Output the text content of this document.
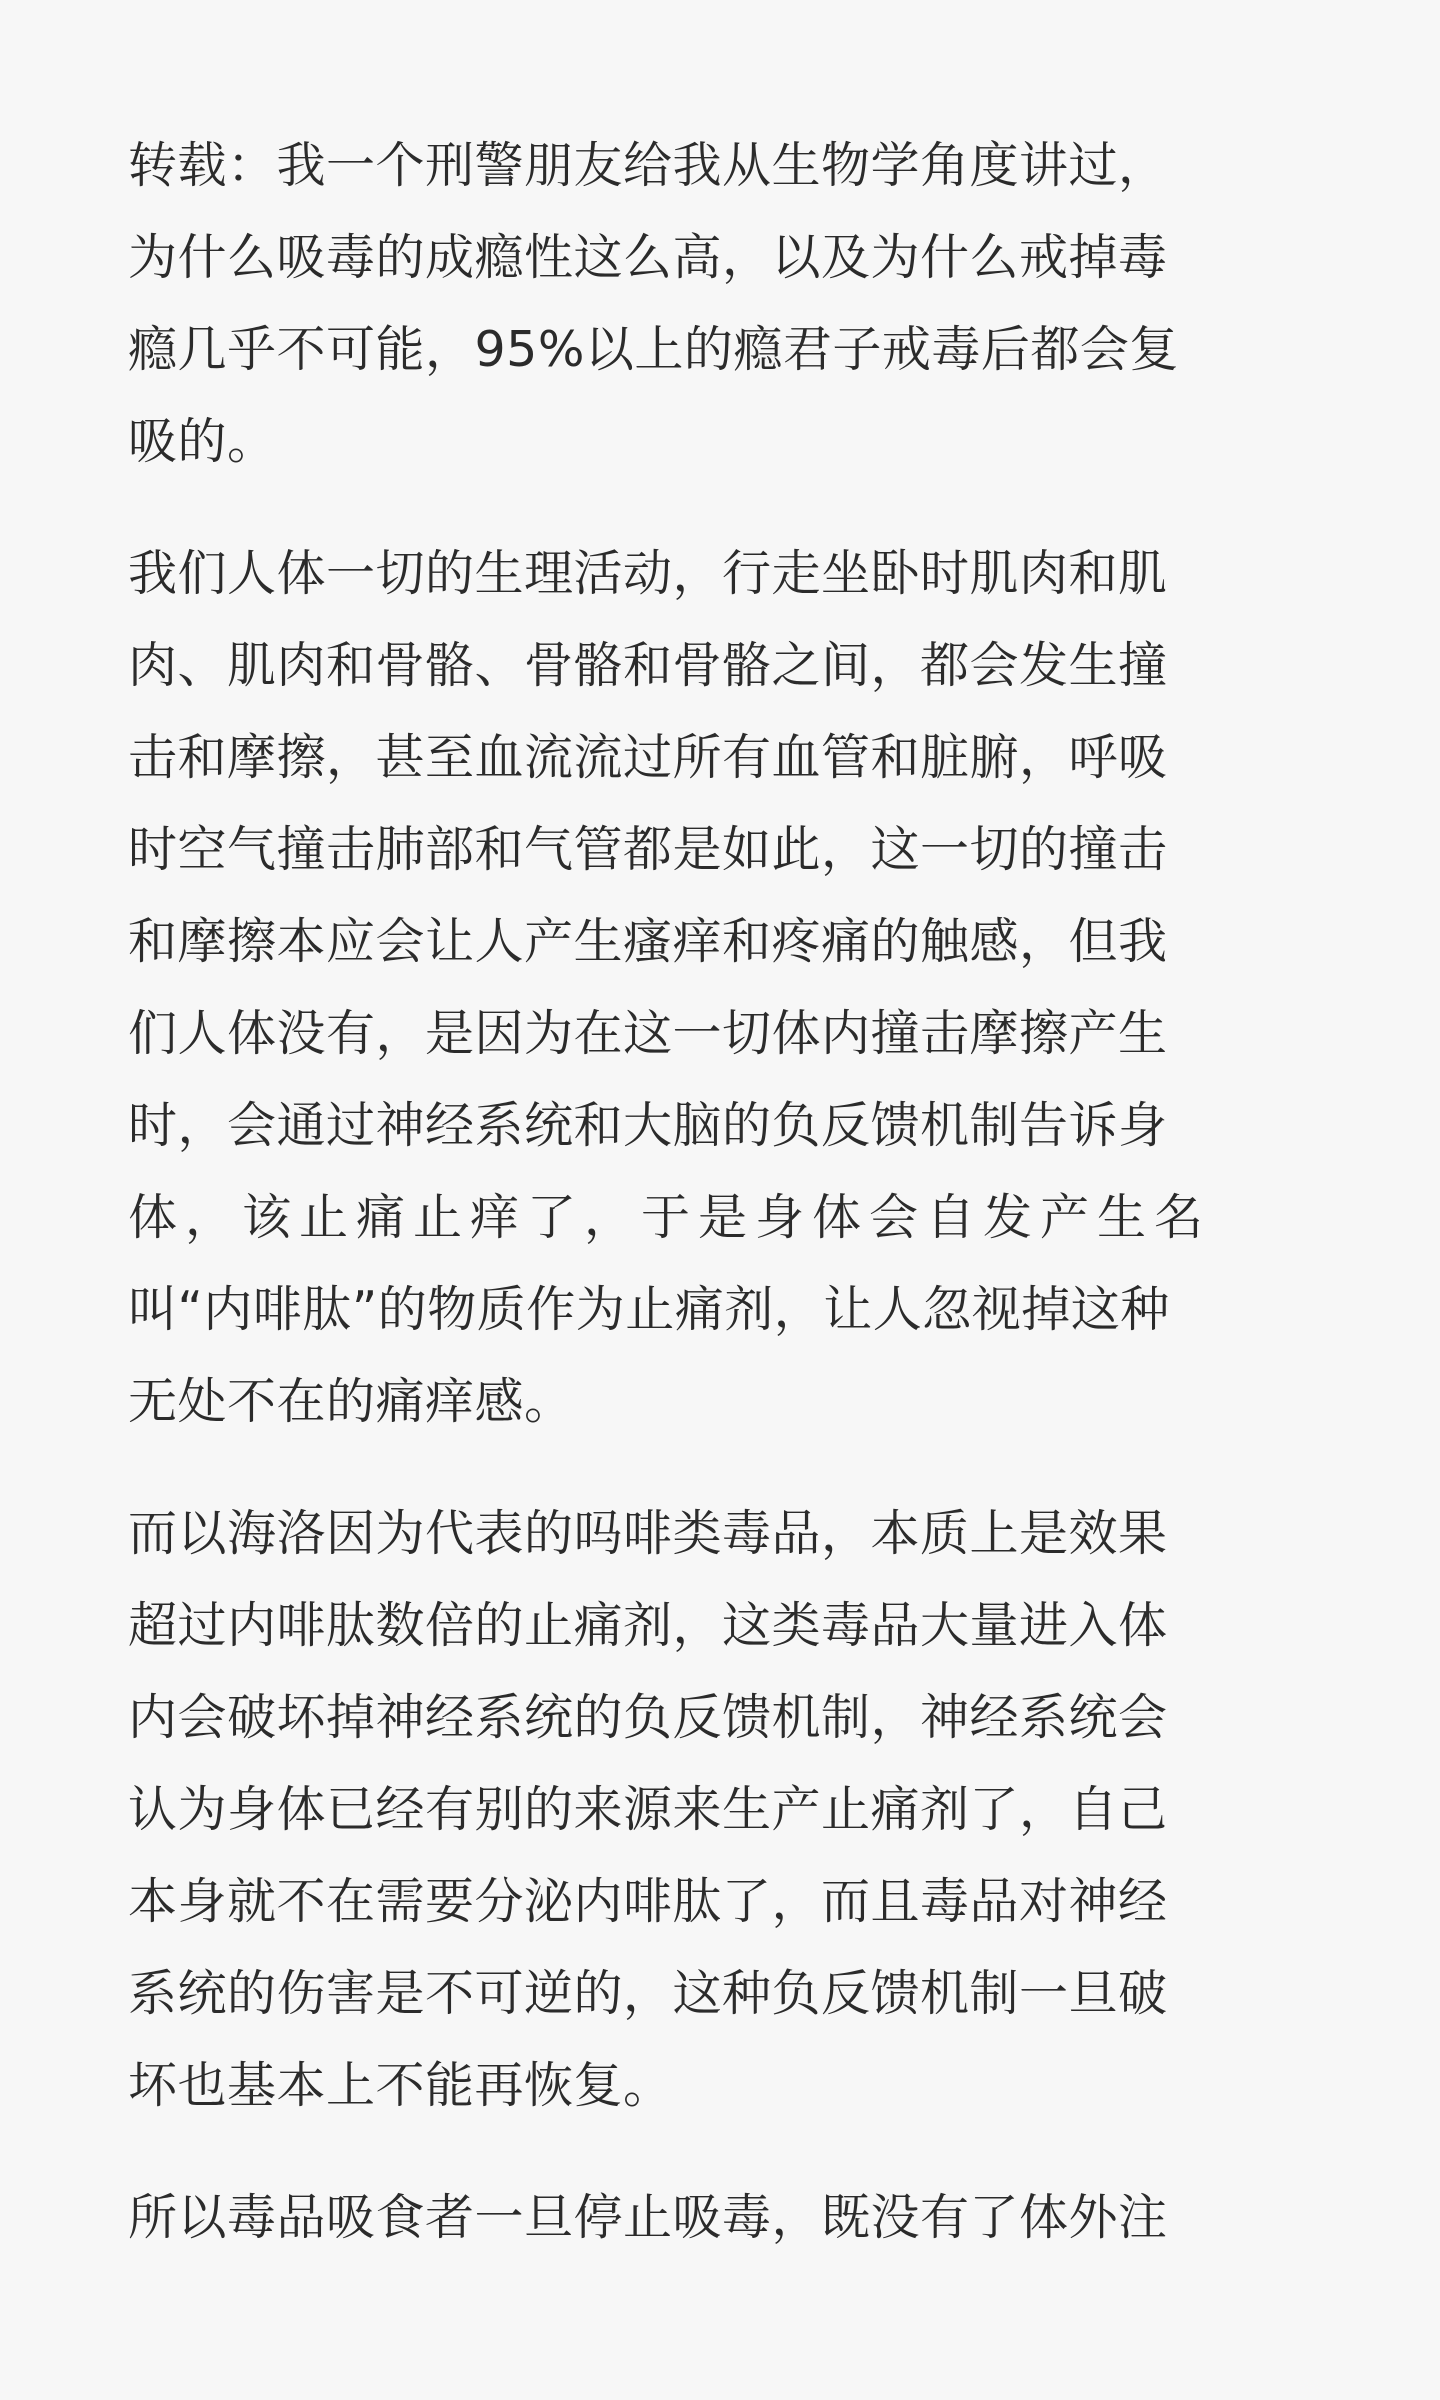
转载：我一个刑警朋友给我从生物学角度讲过，
为什么吸毒的成瘾性这么高，以及为什么戒掉毒
瘾几乎不可能，95%以上的瘾君子戒毒后都会复
吸的。
我们人体一切的生理活动，行走坐卧时肌肉和肌
肉、肌肉和骨骼、骨骼和骨骼之间，都会发生撞
击和摩擦，甚至血流流过所有血管和脏腑，呼吸
时空气撞击肺部和气管都是如此，这一切的撞击
和摩擦本应会让人产生瘙痒和疼痛的触感，但我
们人体没有，是因为在这一切体内撞击摩擦产生
时，会通过神经系统和大脑的负反馈机制告诉身
体，该止痛止痒了，于是身体会自发产生名
叫“内啡肽”的物质作为止痛剂，让人忽视掉这种
无处不在的痛痒感。
而以海洛因为代表的吗啡类毒品，本质上是效果
超过内啡肽数倍的止痛剂，这类毒品大量进入体
内会破坏掉神经系统的负反馈机制，神经系统会
认为身体已经有别的来源来生产止痛剂了，自己
本身就不在需要分泌内啡肽了，而且毒品对神经
系统的伤害是不可逆的，这种负反馈机制一旦破
坏也基本上不能再恢复。
所以毒品吸食者一旦停止吸毒，既没有了体外注
